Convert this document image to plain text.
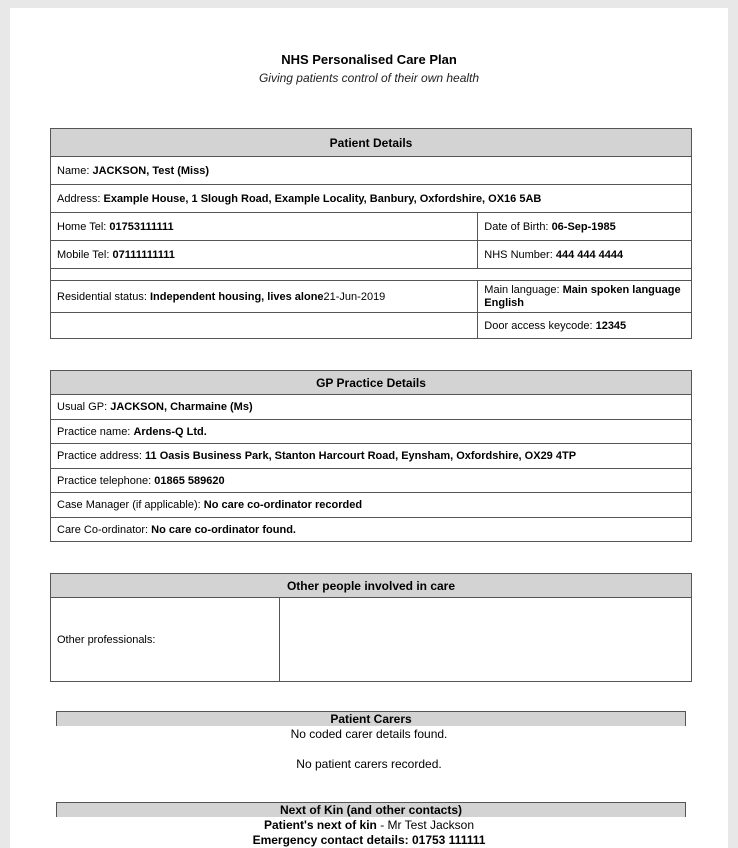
NHS Personalised Care Plan
Giving patients control of their own health
Patient Details	
Name: JACKSON, Test (Miss)	
Address: Example House, 1 Slough Road, Example Locality, Banbury, Oxfordshire, OX16 5AB	
Home Tel: 01753111111	Date of Birth: 06-Sep-1985
Mobile Tel: 07111111111	NHS Number: 444 444 4444

Residential status: Independent housing, lives alone21-Jun-2019	Main language: Main spoken language English
	Door access keycode: 12345
GP Practice Details
Usual GP: JACKSON, Charmaine (Ms)
Practice name: Ardens-Q Ltd.
Practice address: 11 Oasis Business Park, Stanton Harcourt Road, Eynsham, Oxfordshire, OX29 4TP
Practice telephone: 01865 589620
Case Manager (if applicable): No care co-ordinator recorded
Care Co-ordinator: No care co-ordinator found.
Other people involved in care
Other professionals:	
Patient Carers
No coded carer details found.
No patient carers recorded.
Next of Kin (and other contacts)
Patient's next of kin - Mr Test Jackson
Emergency contact details: 01753 111111
